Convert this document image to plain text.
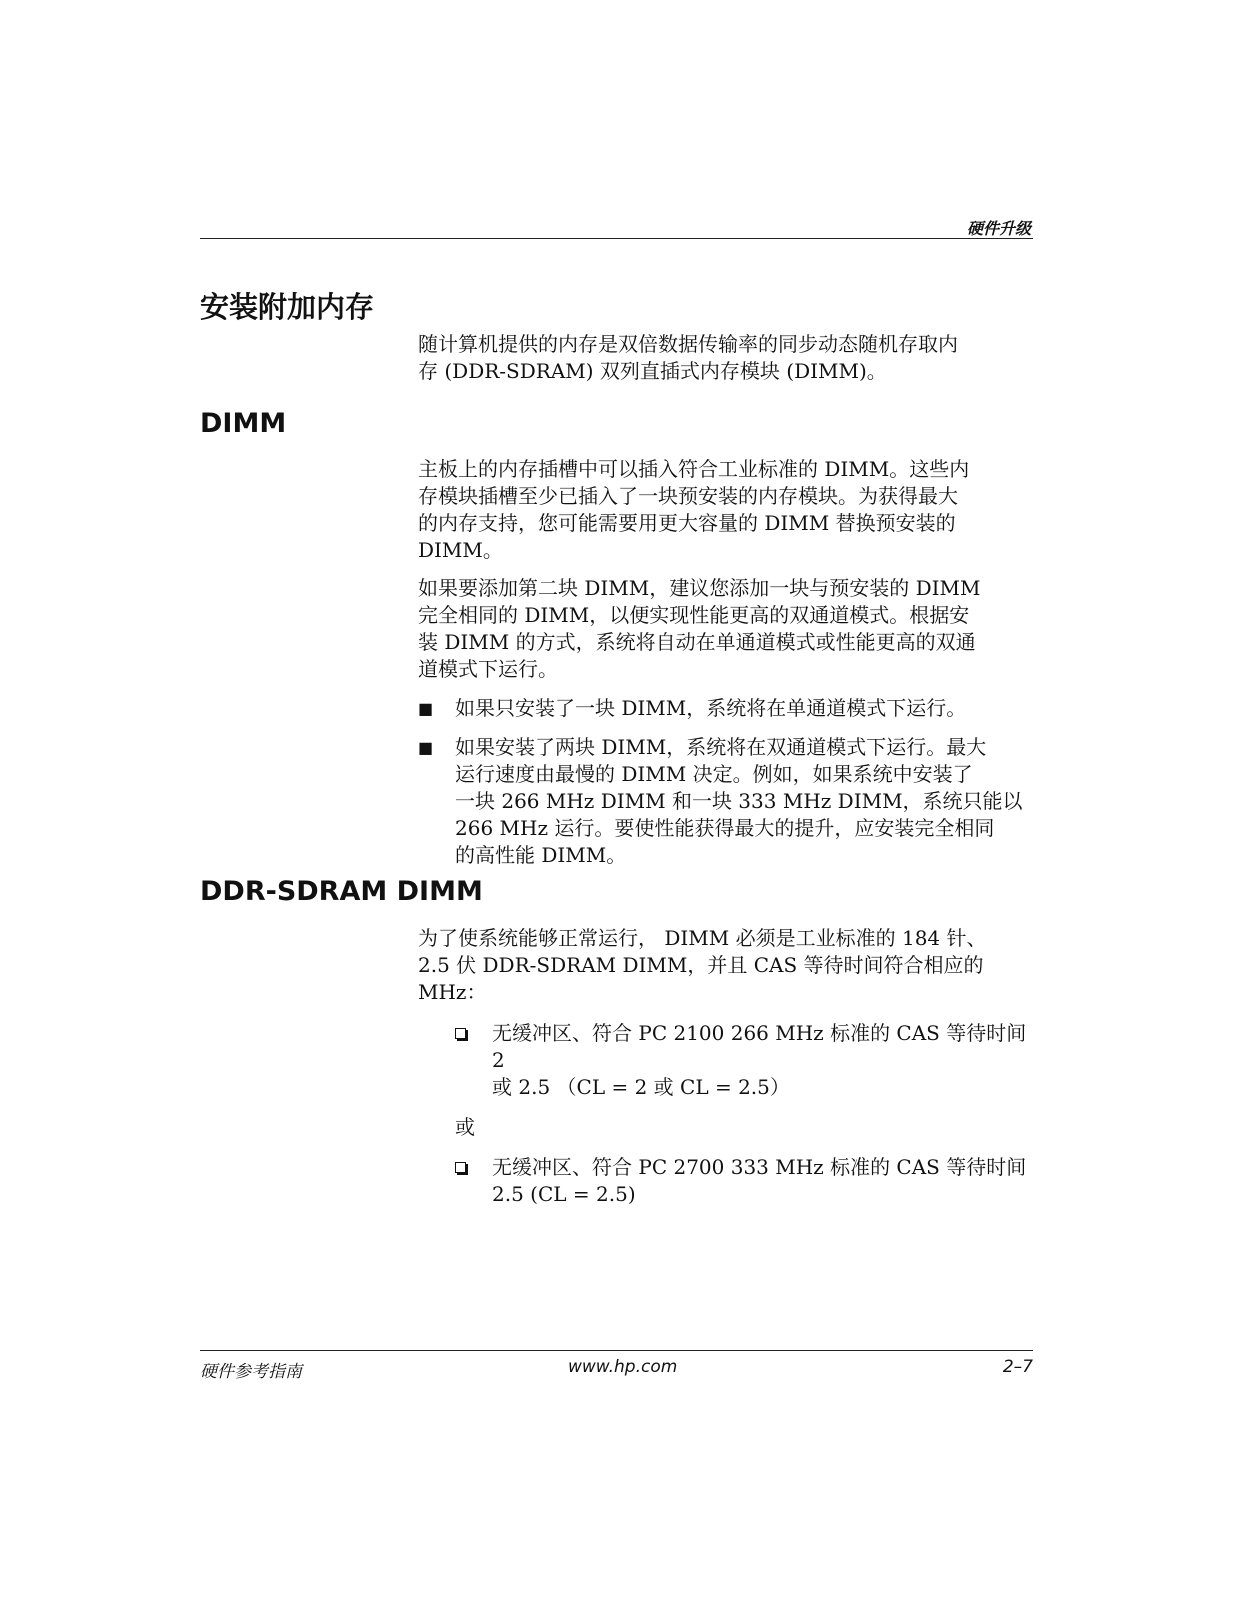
硬件升级
安装附加内存

随计算机提供的内存是双倍数据传输率的同步动态随机存取内

存 (DDR-SDRAM) 双列直插式内存模块 (DIMM)。

DIMM

主板上的内存插槽中可以插入符合工业标准的 DIMM。这些内
存模块插槽至少已插入了一块预安装的内存模块。为获得最大
的内存支持，您可能需要用更大容量的 DIMM 替换预安装的
DIMM。

如果要添加第二块 DIMM，建议您添加一块与预安装的 DIMM
完全相同的 DIMM，以便实现性能更高的双通道模式。根据安
装 DIMM 的方式，系统将自动在单通道模式或性能更高的双通
道模式下运行。

■ 如果只安装了一块 DIMM，系统将在单通道模式下运行。
■ 如果安装了两块 DIMM，系统将在双通道模式下运行。最大
运行速度由最慢的 DIMM 决定。例如，如果系统中安装了
一块 266 MHz DIMM 和一块 333 MHz DIMM，系统只能以
266 MHz 运行。要使性能获得最大的提升，应安装完全相同
的高性能 DIMM。
DDR-SDRAM DIMM

为了使系统能够正常运行， DIMM 必须是工业标准的 184 针、
2.5 伏 DDR-SDRAM DIMM，并且 CAS 等待时间符合相应的
MHz：

无缓冲区、符合 PC 2100 266 MHz 标准的 CAS 等待时间 2
或 2.5 （CL = 2 或 CL = 2.5）

或

无缓冲区、符合 PC 2700 333 MHz 标准的 CAS 等待时间
2.5 (CL = 2.5)
硬件参考指南	www.hp.com	2–7
